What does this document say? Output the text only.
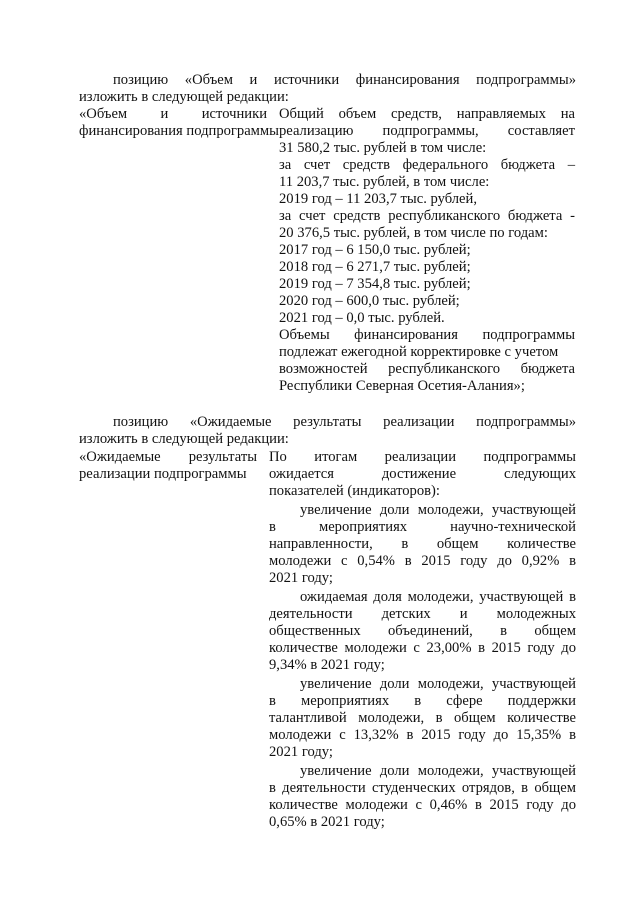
позицию «Объем и источники финансирования подпрограммы»
изложить в следующей редакции:
«Объем и источники
финансирования подпрограммы
Общий объем средств, направляемых на
реализацию подпрограммы, составляет
31 580,2 тыс. рублей в том числе:
за счет средств федерального бюджета –
11 203,7 тыс. рублей, в том числе:
2019 год – 11 203,7 тыс. рублей,
за счет средств республиканского бюджета -
20 376,5 тыс. рублей, в том числе по годам:
2017 год – 6 150,0 тыс. рублей;
2018 год – 6 271,7 тыс. рублей;
2019 год – 7 354,8 тыс. рублей;
2020 год – 600,0 тыс. рублей;
2021 год – 0,0 тыс. рублей.
Объемы финансирования подпрограммы
подлежат ежегодной корректировке с учетом
возможностей республиканского бюджета
Республики Северная Осетия-Алания»;
позицию «Ожидаемые результаты реализации подпрограммы»
изложить в следующей редакции:
«Ожидаемые результаты
реализации подпрограммы
По итогам реализации подпрограммы
ожидается достижение следующих
показателей (индикаторов):
увеличение доли молодежи, участвующей
в мероприятиях научно-технической
направленности, в общем количестве
молодежи с 0,54% в 2015 году до 0,92% в
2021 году;
ожидаемая доля молодежи, участвующей в
деятельности детских и молодежных
общественных объединений, в общем
количестве молодежи с 23,00% в 2015 году до
9,34% в 2021 году;
увеличение доли молодежи, участвующей
в мероприятиях в сфере поддержки
талантливой молодежи, в общем количестве
молодежи с 13,32% в 2015 году до 15,35% в
2021 году;
увеличение доли молодежи, участвующей
в деятельности студенческих отрядов, в общем
количестве молодежи с 0,46% в 2015 году до
0,65% в 2021 году;
